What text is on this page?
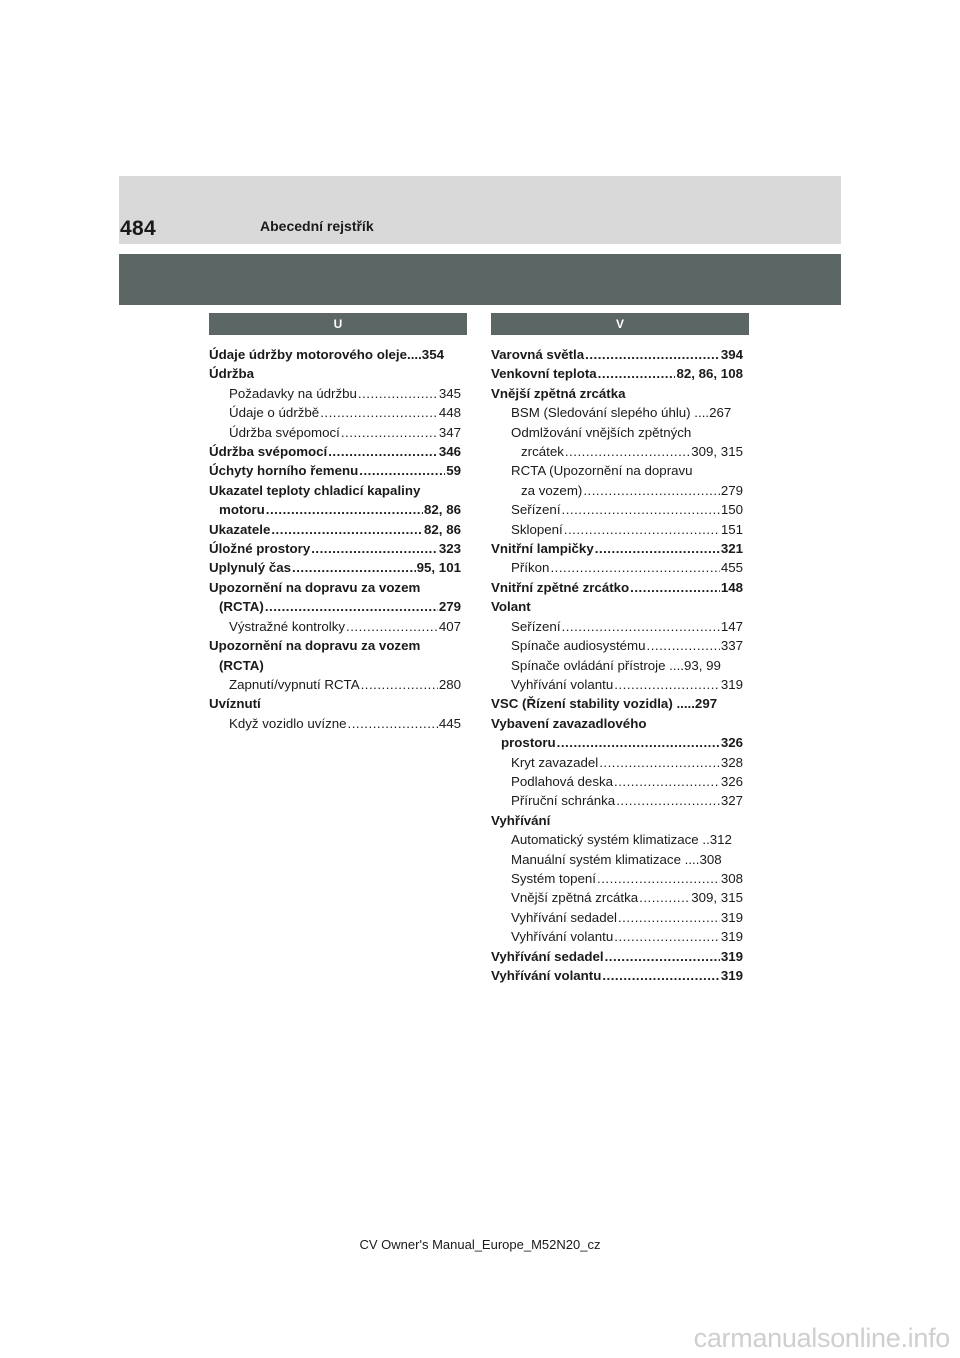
484	Abecední rejstřík
U
Údaje údržby motorového oleje.... 354
Údržba
Požadavky na údržbu .....	345
Údaje o údržbě .....	448
Údržba svépomocí .....	347
Údržba svépomocí .....	346
Úchyty horního řemenu .....	59
Ukazatel teploty chladicí kapaliny
motoru .....	82, 86
Ukazatele .....	82, 86
Úložné prostory .....	323
Uplynulý čas .....	95, 101
Upozornění na dopravu za vozem
(RCTA) .....	279
Výstražné kontrolky .....	407
Upozornění na dopravu za vozem
(RCTA)
Zapnutí/vypnutí RCTA .....	280
Uvíznutí
Když vozidlo uvízne .....	445
V
Varovná světla .....	394
Venkovní teplota .....	82, 86, 108
Vnější zpětná zrcátka
BSM (Sledování slepého úhlu) .... 267
Odmlžování vnějších zpětných
zrcátek .....	309, 315
RCTA (Upozornění na dopravu
za vozem) .....	279
Seřízení .....	150
Sklopení .....	151
Vnitřní lampičky .....	321
Příkon .....	455
Vnitřní zpětné zrcátko .....	148
Volant
Seřízení .....	147
Spínače audiosystému .....	337
Spínače ovládání přístroje .... 93, 99
Vyhřívání volantu .....	319
VSC (Řízení stability vozidla) ..... 297
Vybavení zavazadlového
prostoru .....	326
Kryt zavazadel .....	328
Podlahová deska .....	326
Příruční schránka .....	327
Vyhřívání
Automatický systém klimatizace .. 312
Manuální systém klimatizace .... 308
Systém topení .....	308
Vnější zpětná zrcátka .....	309, 315
Vyhřívání sedadel .....	319
Vyhřívání volantu .....	319
Vyhřívání sedadel .....	319
Vyhřívání volantu .....	319
CV Owner's Manual_Europe_M52N20_cz
carmanualsonline.info
